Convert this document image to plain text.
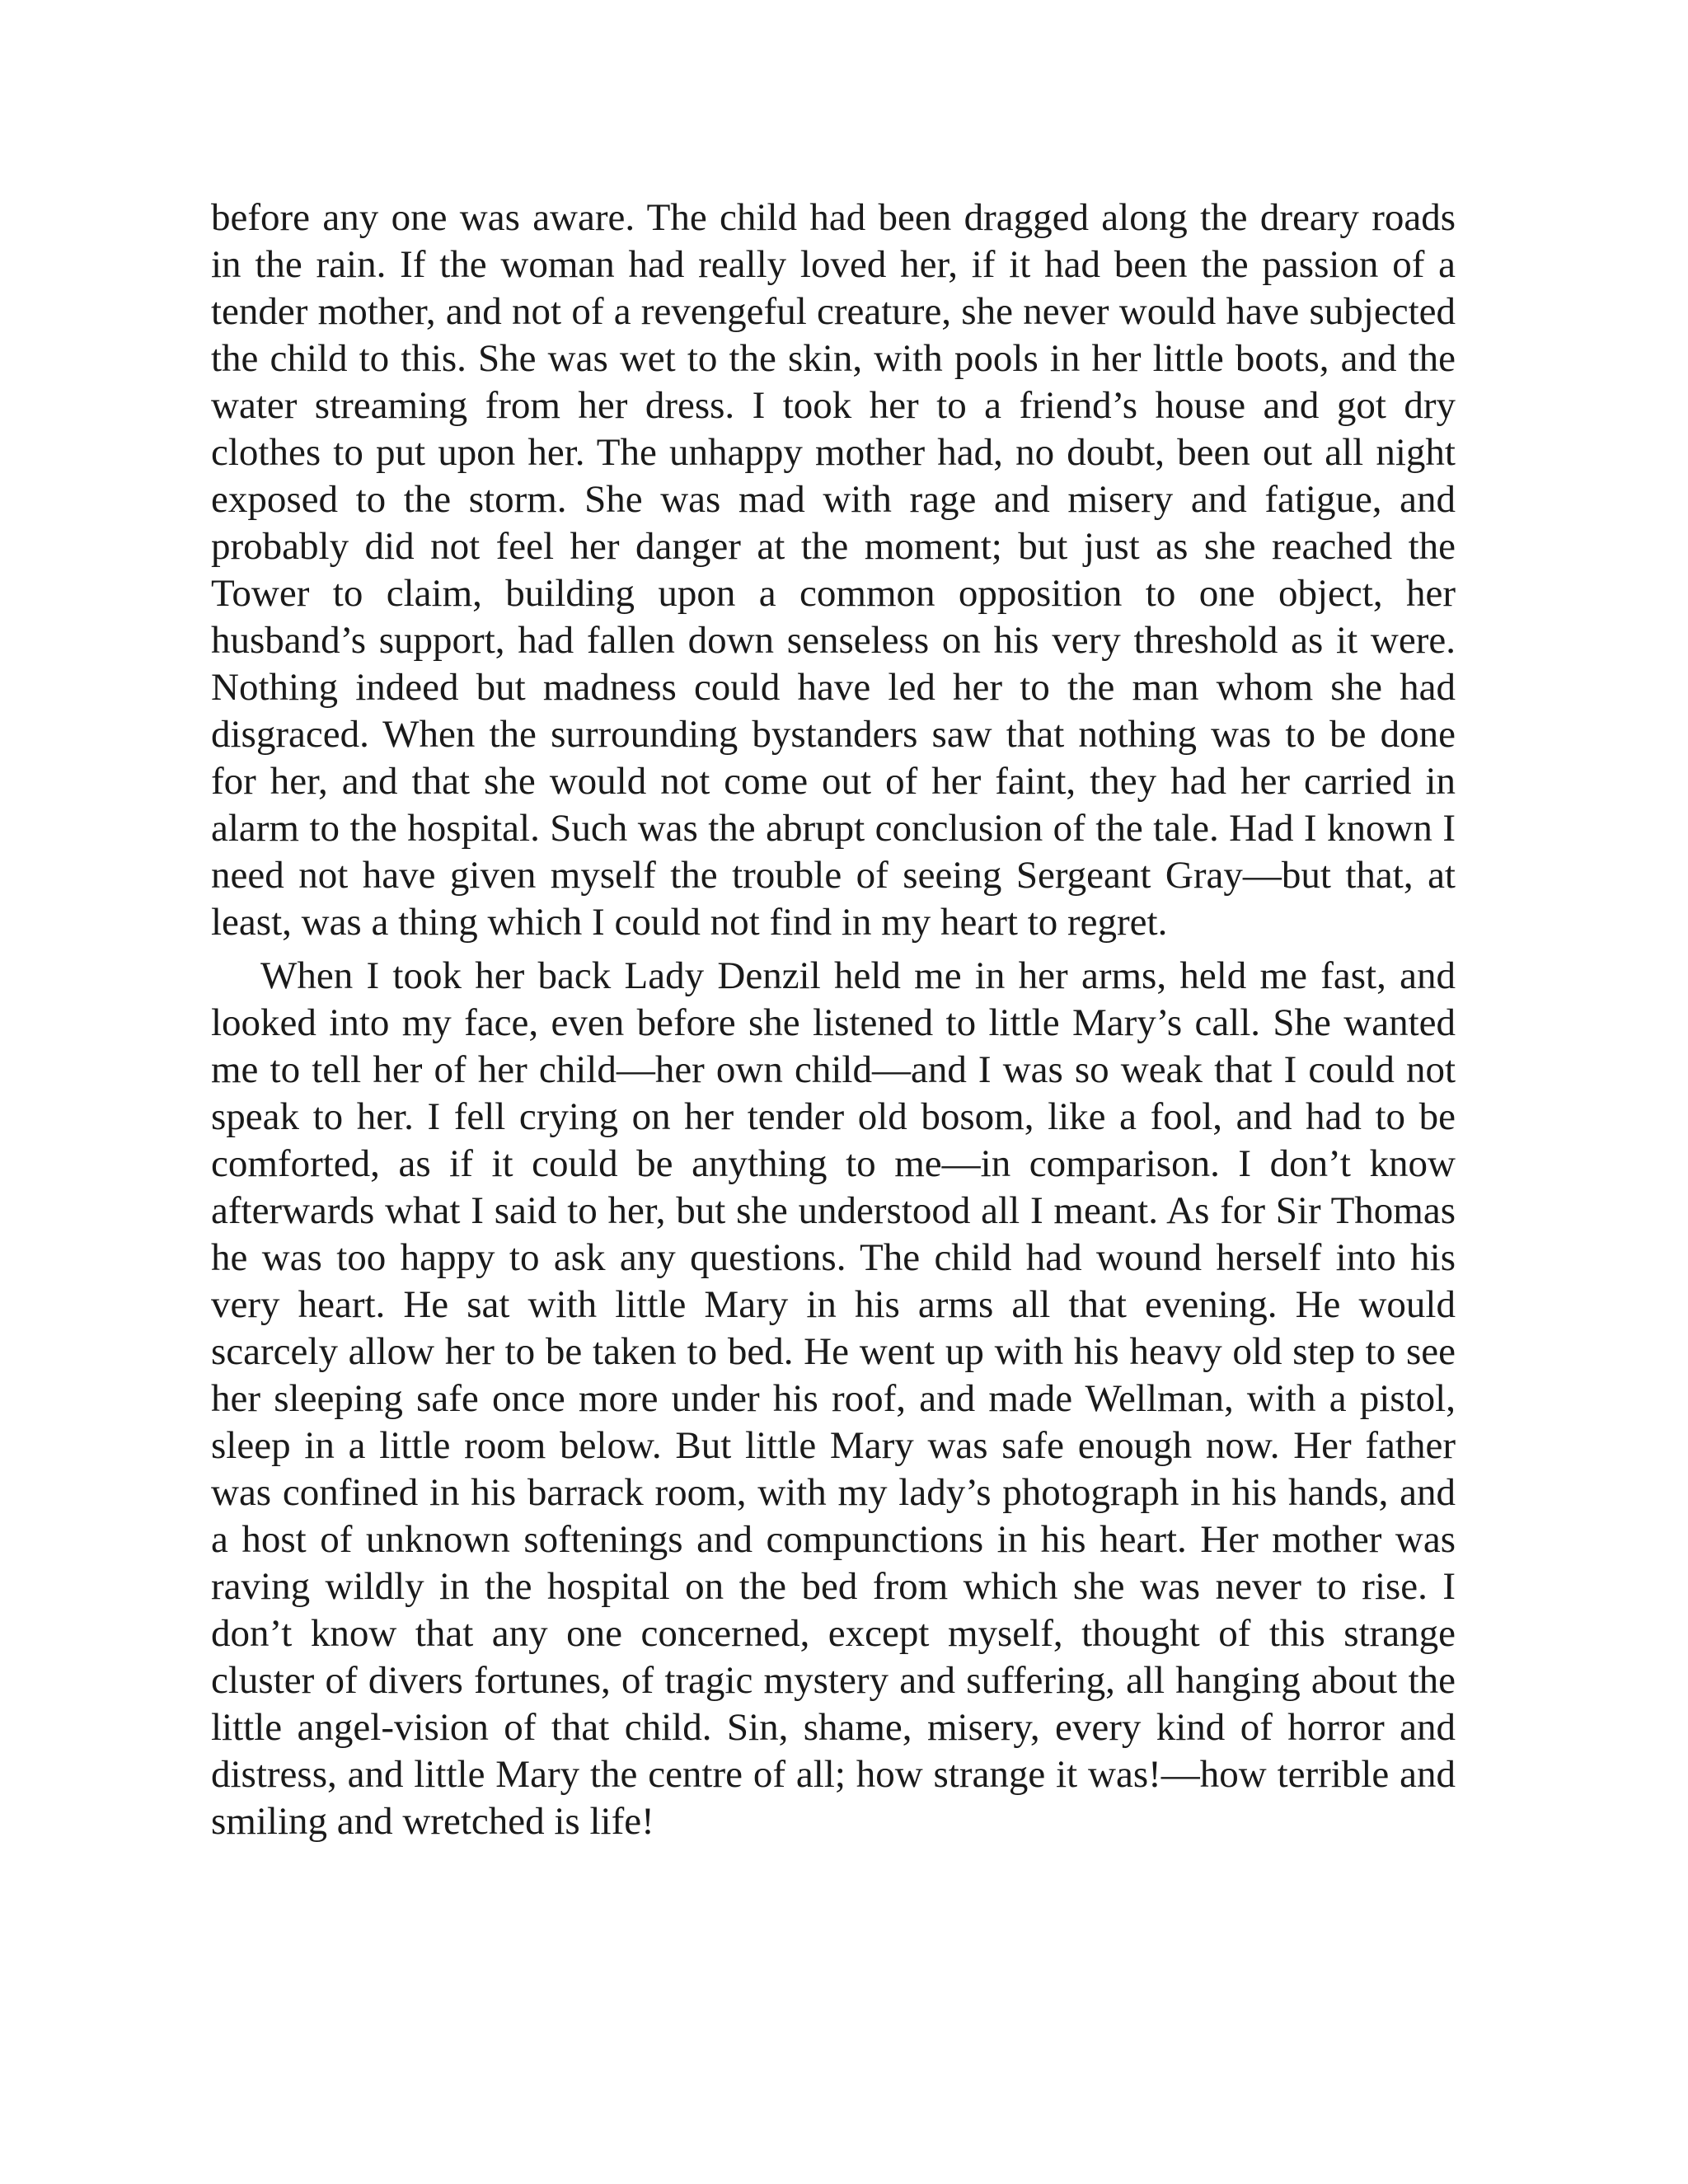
before any one was aware. The child had been dragged along the dreary roads in the rain. If the woman had really loved her, if it had been the passion of a tender mother, and not of a revengeful creature, she never would have subjected the child to this. She was wet to the skin, with pools in her little boots, and the water streaming from her dress. I took her to a friend’s house and got dry clothes to put upon her. The unhappy mother had, no doubt, been out all night exposed to the storm. She was mad with rage and misery and fatigue, and probably did not feel her danger at the moment; but just as she reached the Tower to claim, building upon a common opposition to one object, her husband’s support, had fallen down senseless on his very threshold as it were. Nothing indeed but madness could have led her to the man whom she had disgraced. When the surrounding bystanders saw that nothing was to be done for her, and that she would not come out of her faint, they had her carried in alarm to the hospital. Such was the abrupt conclusion of the tale. Had I known I need not have given myself the trouble of seeing Sergeant Gray—but that, at least, was a thing which I could not find in my heart to regret.

When I took her back Lady Denzil held me in her arms, held me fast, and looked into my face, even before she listened to little Mary’s call. She wanted me to tell her of her child—her own child—and I was so weak that I could not speak to her. I fell crying on her tender old bosom, like a fool, and had to be comforted, as if it could be anything to me—in comparison. I don’t know afterwards what I said to her, but she understood all I meant. As for Sir Thomas he was too happy to ask any questions. The child had wound herself into his very heart. He sat with little Mary in his arms all that evening. He would scarcely allow her to be taken to bed. He went up with his heavy old step to see her sleeping safe once more under his roof, and made Wellman, with a pistol, sleep in a little room below. But little Mary was safe enough now. Her father was confined in his barrack room, with my lady’s photograph in his hands, and a host of unknown softenings and compunctions in his heart. Her mother was raving wildly in the hospital on the bed from which she was never to rise. I don’t know that any one concerned, except myself, thought of this strange cluster of divers fortunes, of tragic mystery and suffering, all hanging about the little angel-vision of that child. Sin, shame, misery, every kind of horror and distress, and little Mary the centre of all; how strange it was!—how terrible and smiling and wretched is life!
